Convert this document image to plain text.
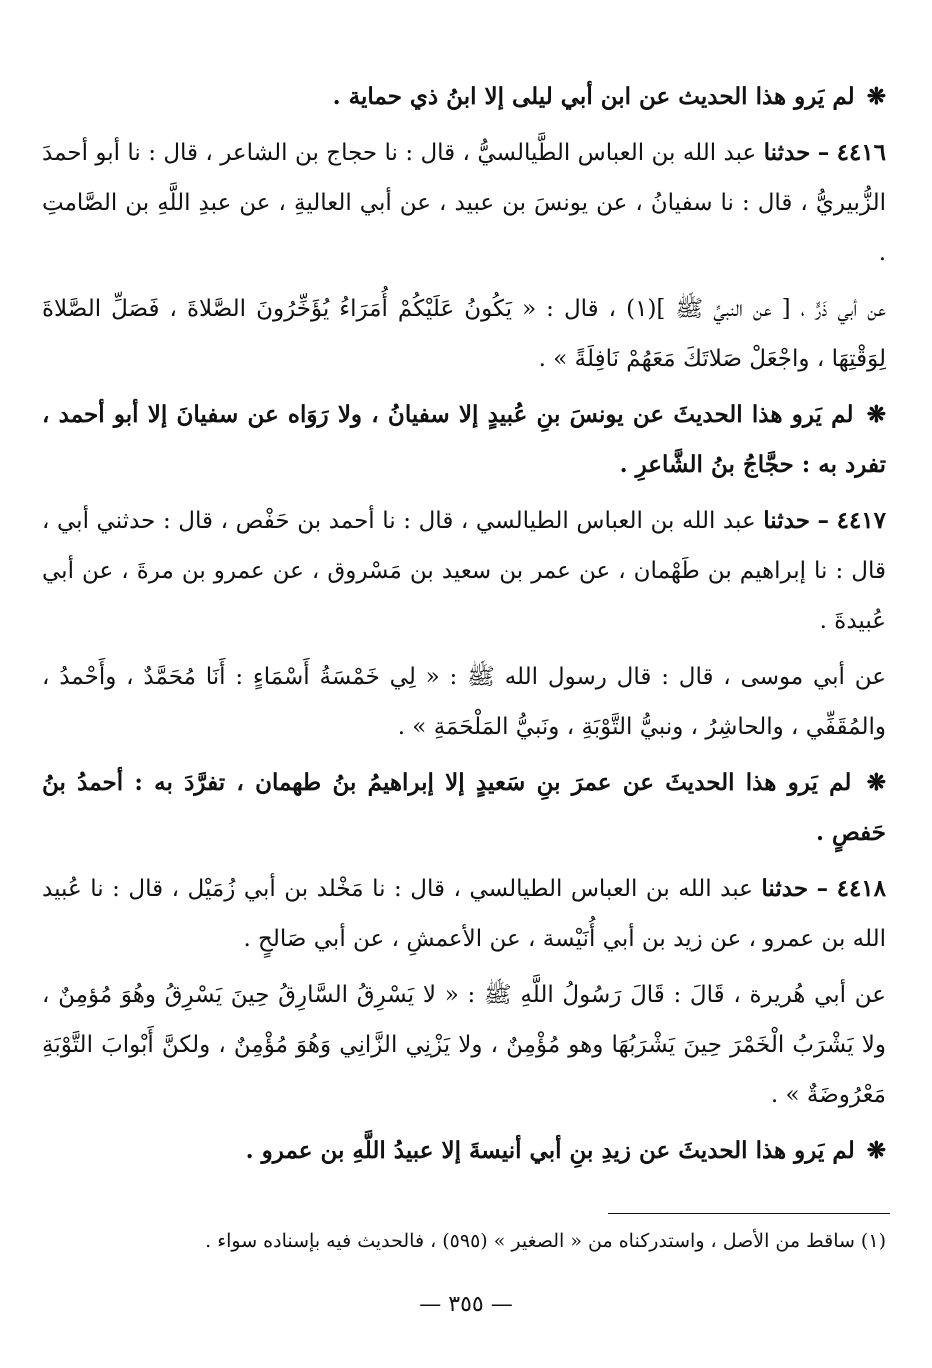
❋ لم يَرو هذا الحديث عن ابن أبي ليلى إلا ابنُ ذي حماية .

٤٤١٦ – حدثنا عبد الله بن العباس الطَّيالسيُّ ، قال : نا حجاج بن الشاعر ، قال : نا أبو أحمدَ الزُّبيريُّ ، قال : نا سفيانُ ، عن يونسَ بن عبيد ، عن أبي العاليةِ ، عن عبدِ اللَّهِ بن الصَّامتِ .

عن أبي ذَرٍّ ، [ عن النبيِّ ﷺ ](١) ، قال : « يَكُونُ عَلَيْكُمْ أُمَرَاءُ يُؤَخِّرُونَ الصَّلاةَ ، فَصَلِّ الصَّلاةَ لِوَقْتِهَا ، واجْعَلْ صَلاتَكَ مَعَهُمْ نَافِلَةً » .

❋ لم يَرو هذا الحديثَ عن يونسَ بنِ عُبيدٍ إلا سفيانُ ، ولا رَوَاه عن سفيانَ إلا أبو أحمد ، تفرد به : حجَّاجُ بنُ الشَّاعرِ .

٤٤١٧ – حدثنا عبد الله بن العباس الطيالسي ، قال : نا أحمد بن حَفْص ، قال : حدثني أبي ، قال : نا إبراهيم بن طَهْمان ، عن عمر بن سعيد بن مَسْروق ، عن عمرو بن مرةَ ، عن أبي عُبيدةَ .

عن أبي موسى ، قال : قال رسول الله ﷺ : « لِي خَمْسَةُ أَسْمَاءٍ : أَنَا مُحَمَّدٌ ، وأَحْمدُ ، والمُقَفِّي ، والحاشِرُ ، ونبيُّ التَّوْبَةِ ، ونَبيُّ المَلْحَمَةِ » .

❋ لم يَرو هذا الحديثَ عن عمرَ بنِ سَعيدٍ إلا إبراهيمُ بنُ طهمان ، تفرَّدَ به : أحمدُ بنُ حَفصٍ .

٤٤١٨ – حدثنا عبد الله بن العباس الطيالسي ، قال : نا مَخْلد بن أبي زُمَيْل ، قال : نا عُبيد الله بن عمرو ، عن زيد بن أبي أُنَيْسة ، عن الأعمشِ ، عن أبي صَالحٍ .

عن أبي هُريرة ، قَالَ : قَالَ رَسُولُ اللَّهِ ﷺ : « لا يَسْرِقُ السَّارِقُ حِينَ يَسْرِقُ وهُوَ مُؤمِنٌ ، ولا يَشْرَبُ الْخَمْرَ حِينَ يَشْرَبُهَا وهو مُؤْمِنٌ ، ولا يَزْنِي الزَّانِي وَهُوَ مُؤْمِنٌ ، ولكنَّ أَبْوابَ التَّوْبَةِ مَعْرُوضَةٌ » .

❋ لم يَرو هذا الحديثَ عن زيدِ بنِ أبي أنيسةَ إلا عبيدُ اللَّهِ بن عمرو .

(١) ساقط من الأصل ، واستدركناه من « الصغير » (٥٩٥) ، فالحديث فيه بإسناده سواء .
— ٣٥٥ —
